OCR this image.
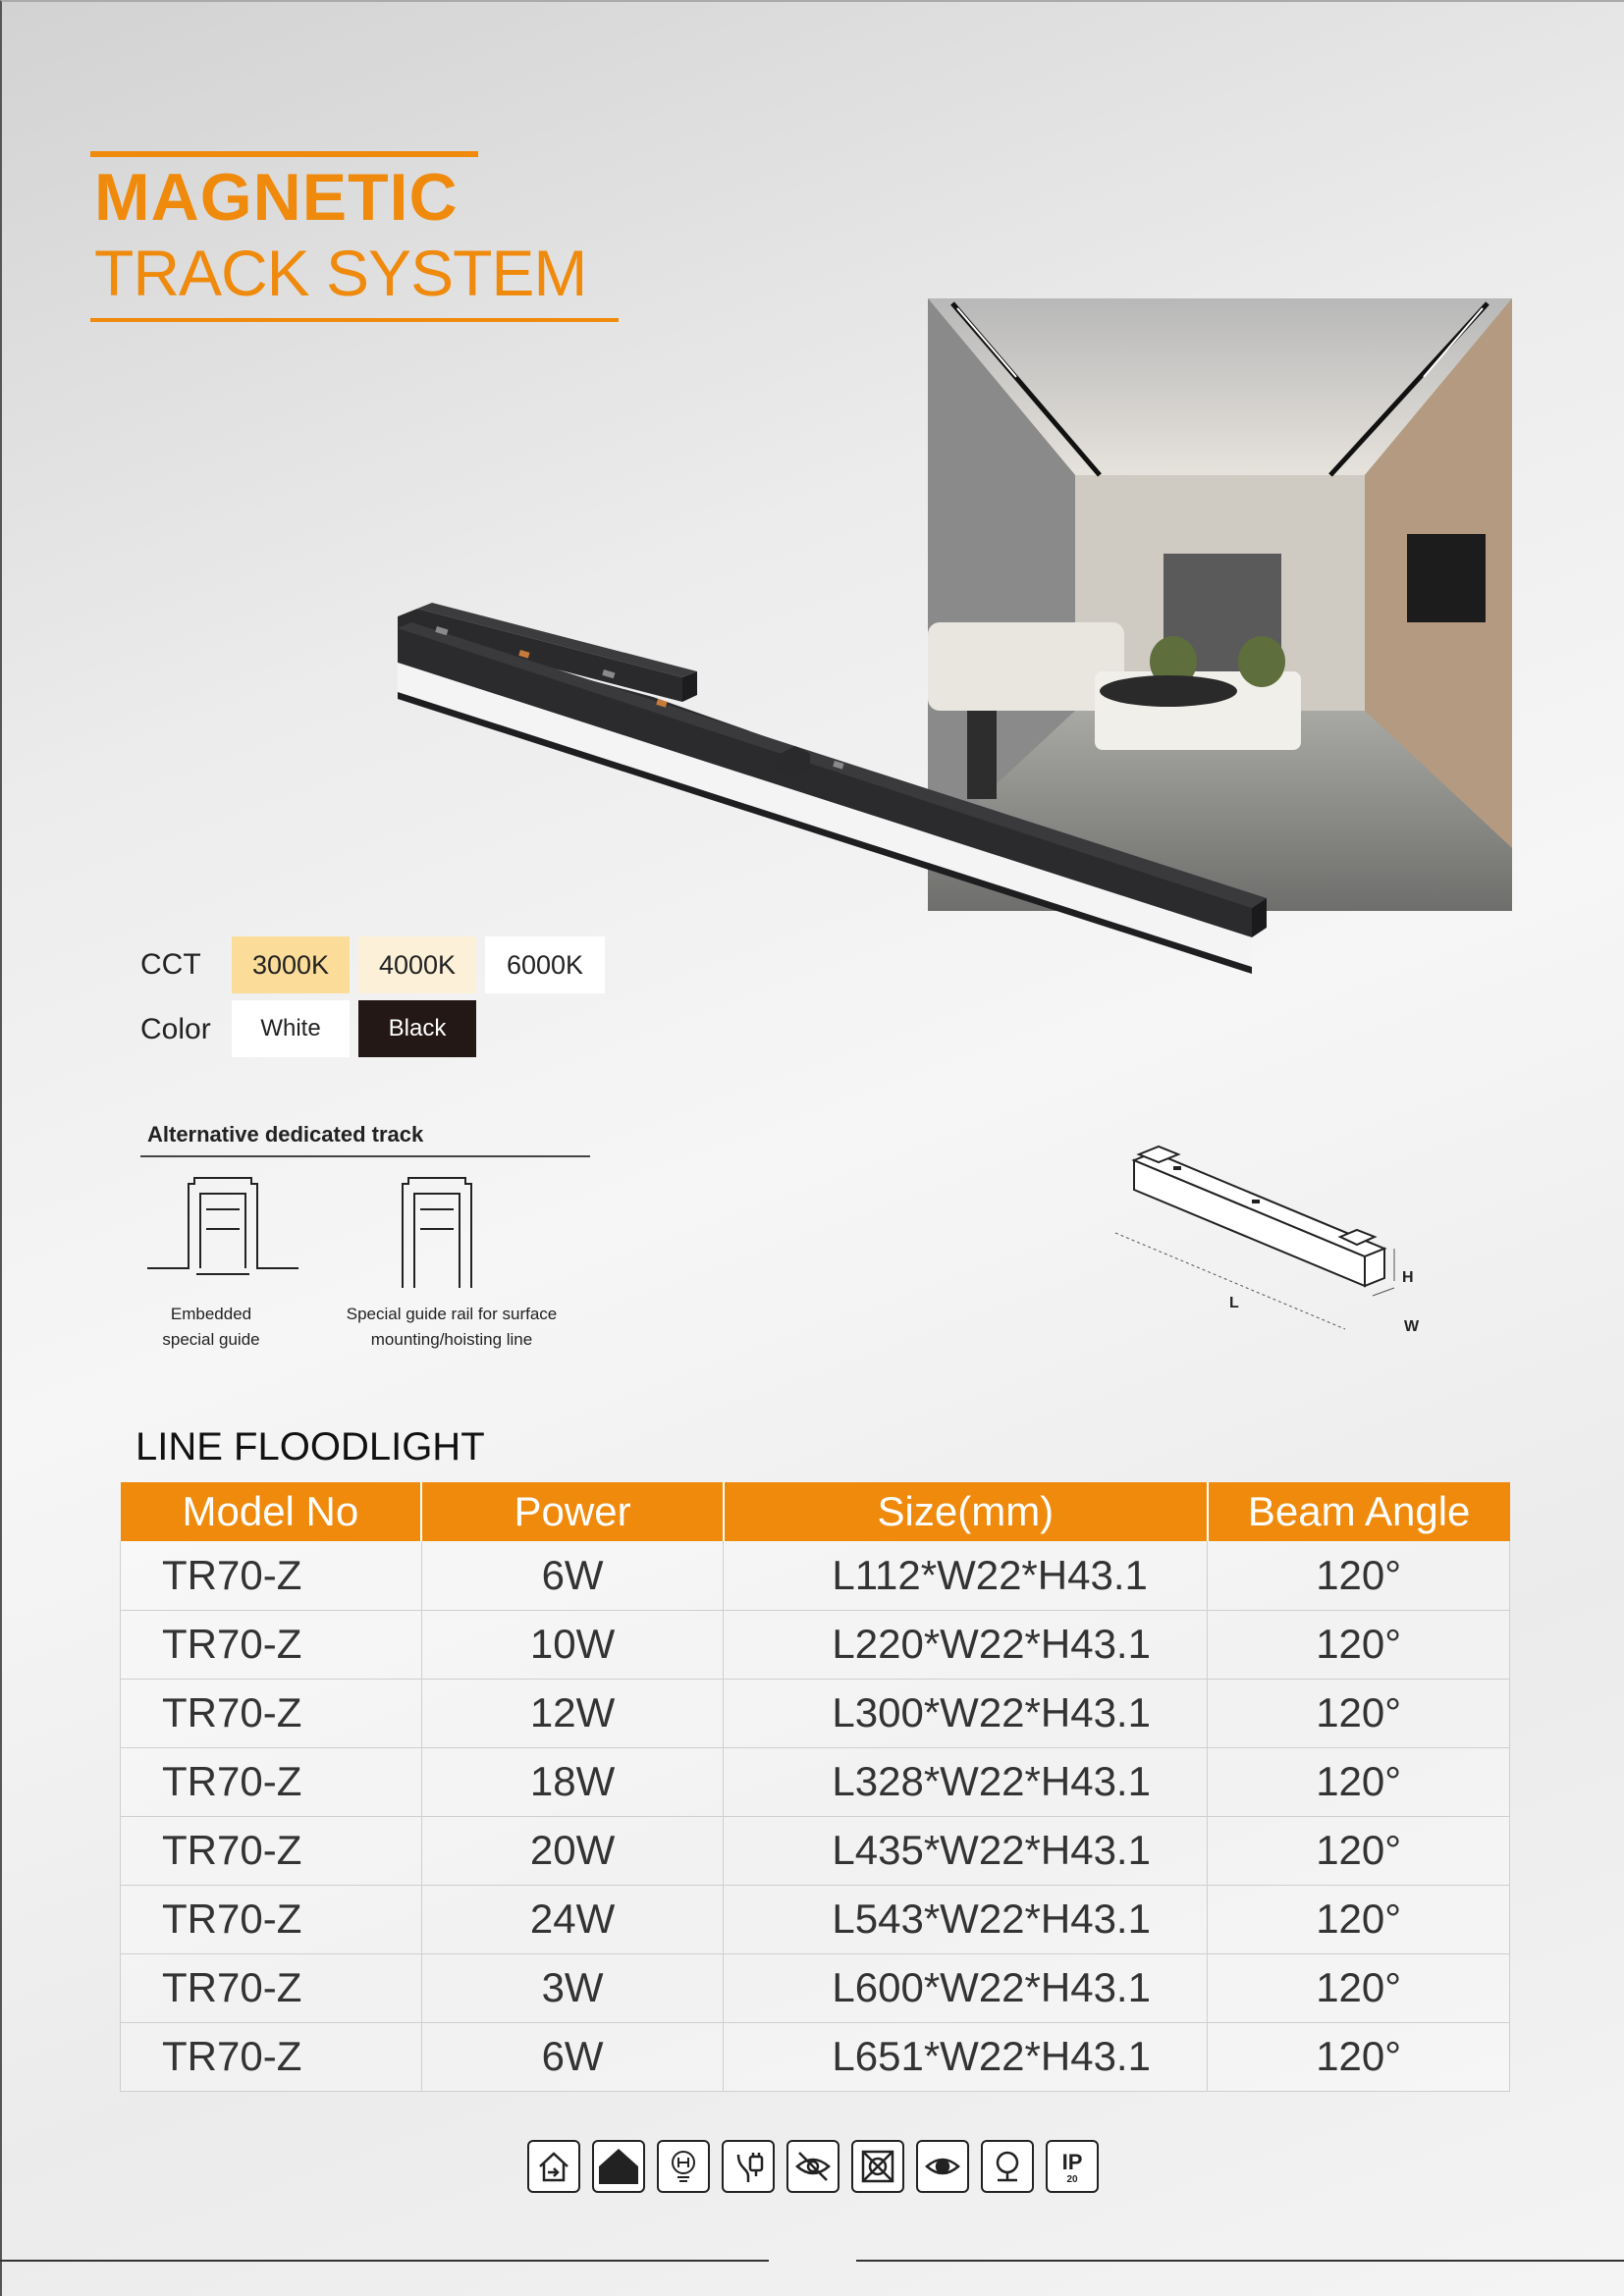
MAGNETIC
TRACK SYSTEM
CCT	3000K	4000K	6000K
Color	White	Black
Alternative dedicated track
Embedded
special guide
Special guide rail for surface
mounting/hoisting line
L
H
W
LINE FLOODLIGHT
Model No	Power	Size(mm)	Beam Angle
TR70-Z	6W	L112*W22*H43.1	120°
TR70-Z	10W	L220*W22*H43.1	120°
TR70-Z	12W	L300*W22*H43.1	120°
TR70-Z	18W	L328*W22*H43.1	120°
TR70-Z	20W	L435*W22*H43.1	120°
TR70-Z	24W	L543*W22*H43.1	120°
TR70-Z	3W	L600*W22*H43.1	120°
TR70-Z	6W	L651*W22*H43.1	120°
IP
20
